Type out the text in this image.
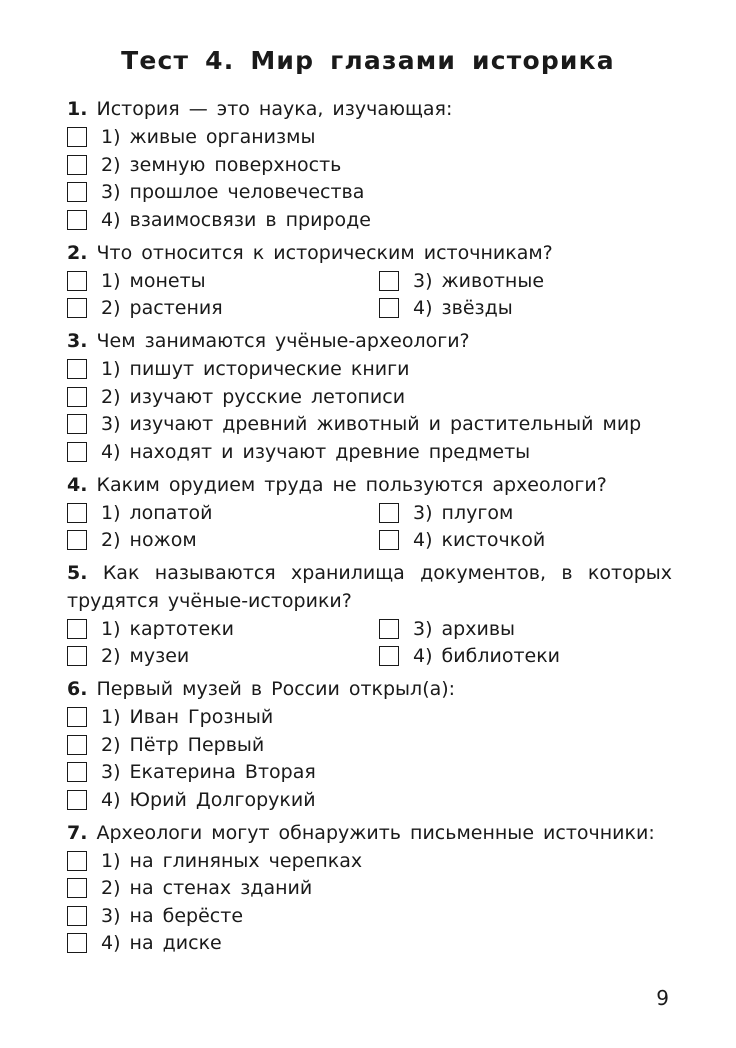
Тест 4. Мир глазами историка
1. История — это наука, изучающая:
1) живые организмы
2) земную поверхность
3) прошлое человечества
4) взаимосвязи в природе
2. Что относится к историческим источникам?
1) монеты
2) растения
3) животные
4) звёзды
3. Чем занимаются учёные-археологи?
1) пишут исторические книги
2) изучают русские летописи
3) изучают древний животный и растительный мир
4) находят и изучают древние предметы
4. Каким орудием труда не пользуются археологи?
1) лопатой
2) ножом
3) плугом
4) кисточкой
5. Как называются хранилища документов, в которых трудятся учёные-историки?
1) картотеки
2) музеи
3) архивы
4) библиотеки
6. Первый музей в России открыл(а):
1) Иван Грозный
2) Пётр Первый
3) Екатерина Вторая
4) Юрий Долгорукий
7. Археологи могут обнаружить письменные источники:
1) на глиняных черепках
2) на стенах зданий
3) на берёсте
4) на диске
9
